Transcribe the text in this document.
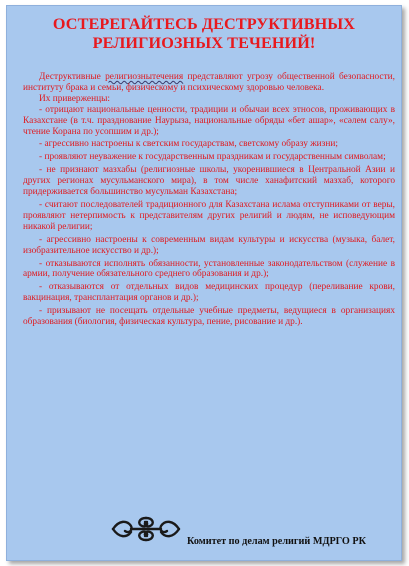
ОСТЕРЕГАЙТЕСЬ ДЕСТРУКТИВНЫХ
РЕЛИГИОЗНЫХ ТЕЧЕНИЙ!

Деструктивные религиознытечения представляют угрозу общественной безопасности, институту брака и семьи, физическому и психическому здоровью человека.

Их приверженцы:

- отрицают национальные ценности, традиции и обычаи всех этносов, проживающих в Казахстане (в т.ч. празднование Наурыза, национальные обряды «бет ашар», «сәлем салу», чтение Корана по усопшим и др.);

- агрессивно настроены к светским государствам, светскому образу жизни;

- проявляют неуважение к государственным праздникам и государственным символам;

- не признают мазхабы (религиозные школы, укоренившиеся в Центральной Азии и других регионах мусульманского мира), в том числе ханафитский мазхаб, которого придерживается большинство мусульман Казахстана;

- считают последователей традиционного для Казахстана ислама отступниками от веры, проявляют нетерпимость к представителям других религий и людям, не исповедующим никакой религии;

- агрессивно настроены к современным видам культуры и искусства (музыка, балет, изобразительное искусство и др.);

- отказываются исполнять обязанности, установленные законодательством (служение в армии, получение обязательного среднего образования и др.);

- отказываются от отдельных видов медицинских процедур (переливание крови, вакцинация, трансплантация органов и др.);

- призывают не посещать отдельные учебные предметы, ведущиеся в организациях образования (биология, физическая культура, пение, рисование и др.).

Комитет по делам религий МДРГО РК
